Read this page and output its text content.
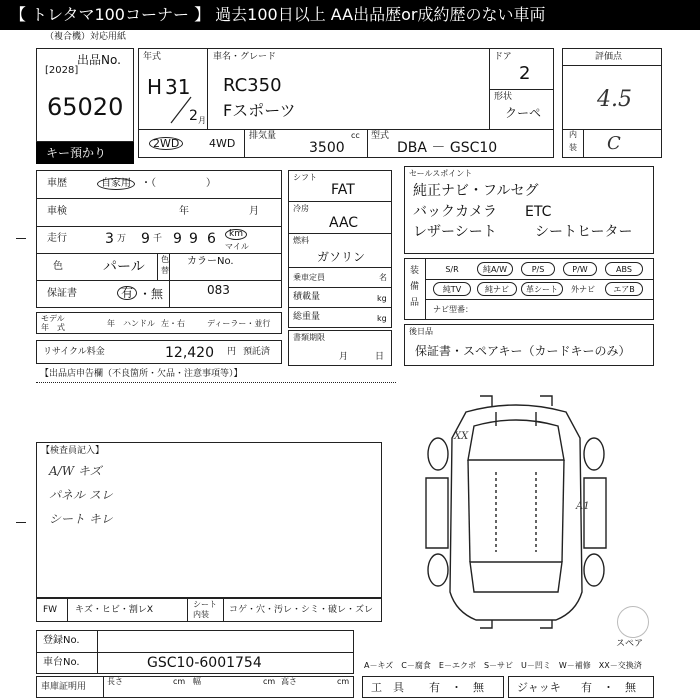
【 トレタマ100コーナー 】 過去100日以上 AA出品歴or成約歴のない車両
（複合機）対応用紙
出品No.
[2028]
65020
キー預かり
年式
H 31
2 月
車名・グレード
RC350
Fスポーツ
ドア
2
形状
クーペ
2WD	4WD
排気量	cc
3500
型式
DBA － GSC10
評価点
4.5
内
装 C
車歴	自家用	・（　　　　　）
車検	年	月
走行	3 万 9 千 9 9 6	km
マイル
色	パール 色
替
カラーNo.
083
保証書	有 ・無
シフト
FAT
冷房
AAC
燃料
ガソリン
乗車定員	名
積載量	kg
総重量	kg
セールスポイント
純正ナビ・フルセグ
バックカメラ ETC
レザーシート	シートヒーター
装
備
品
S/R	純A/W	P/S	P/W	ABS
純TV	純ナビ	革シート	外ナビ	エアB
ナビ型番：
モデル
年　式	年 ハンドル 左・右	ディーラー・並行
リサイクル料金	12,420 円 預託済
書類期限
月	日
後日品
保証書・スペアキー（カードキーのみ）
【出品店申告欄（不良箇所・欠品・注意事項等）】
【検査員記入】
A/W キズ
パネル スレ
シート キレ
FW キズ・ヒビ・割レX
シート
内装 コゲ・穴・汚レ・シミ・破レ・ズレ
登録No.
車台No.	GSC10-6001754
車庫証明用
長さ	cm 幅	cm 高さ	cm
XX
A1
スペア
A－キズ　C－腐食　E－エクボ　S－サビ　U－凹ミ　W－補修　XX－交換済
工　具 有　・　無	ジャッキ 有　・　無
